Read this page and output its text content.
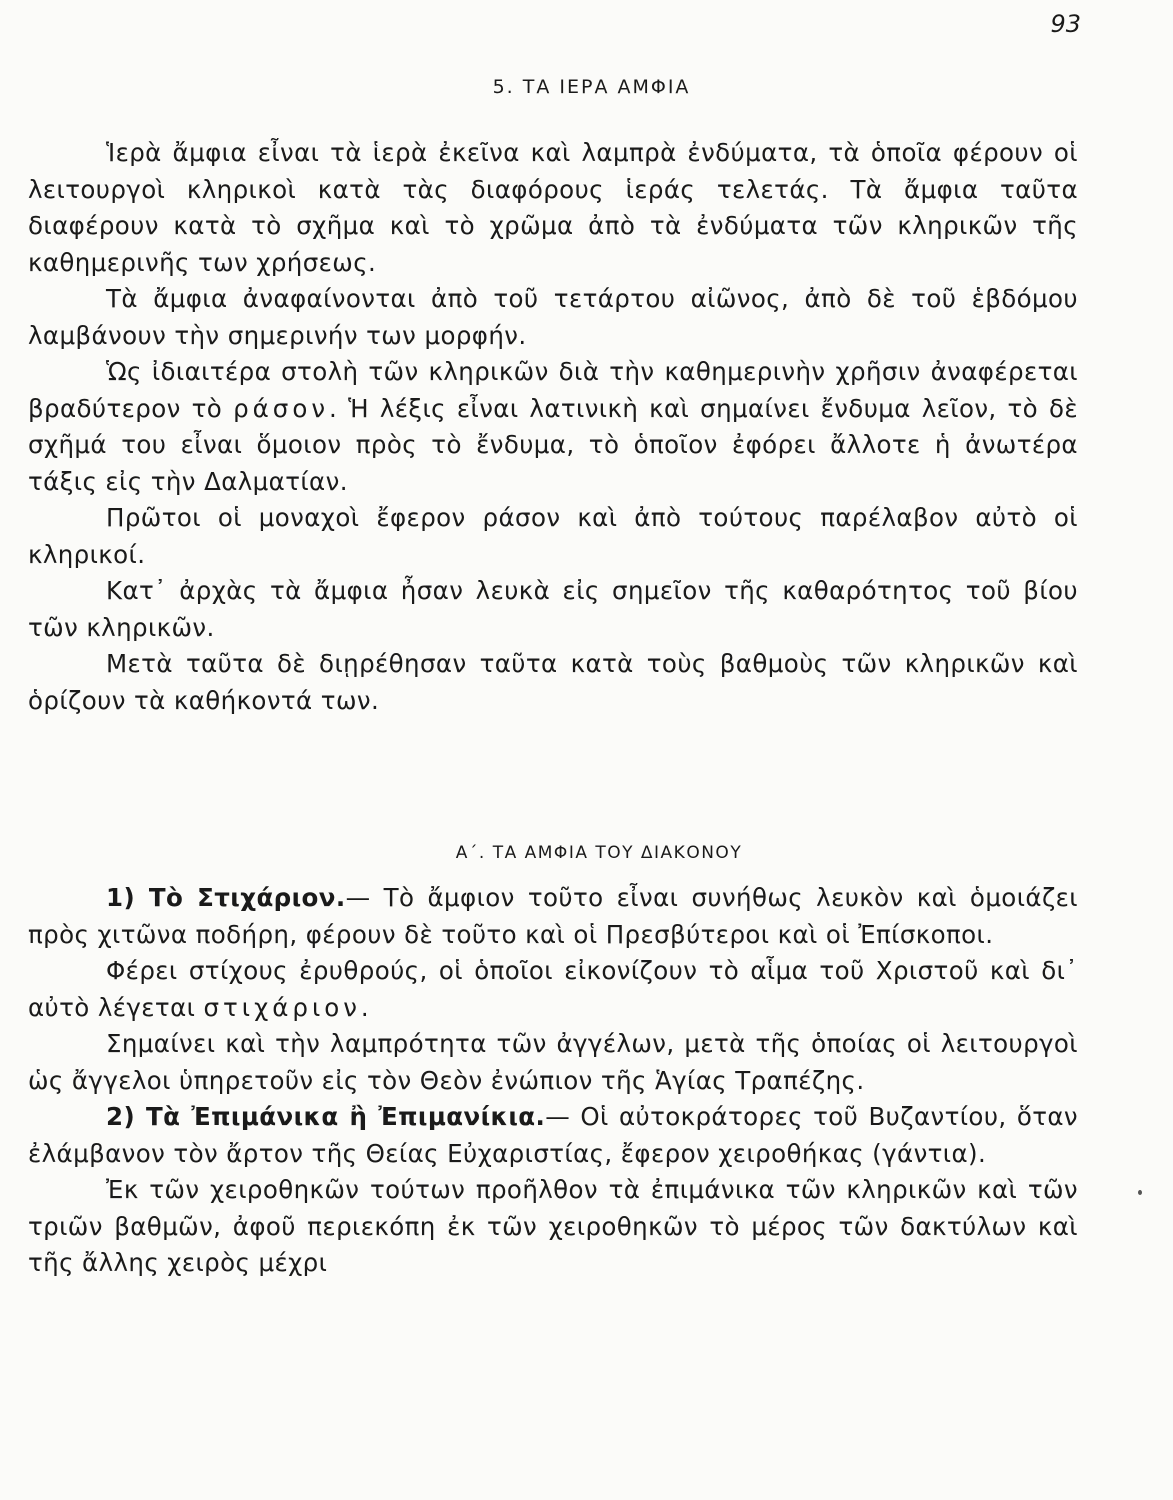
93
5. ΤΑ ΙΕΡΑ ΑΜΦΙΑ

Ἱερὰ ἄμφια εἶναι τὰ ἱερὰ ἐκεῖνα καὶ λαμπρὰ ἐνδύματα, τὰ ὁποῖα φέρουν οἱ λειτουργοὶ κληρικοὶ κατὰ τὰς διαφόρους ἱεράς τελετάς. Τὰ ἄμφια ταῦτα διαφέρουν κατὰ τὸ σχῆμα καὶ τὸ χρῶμα ἀπὸ τὰ ἐνδύματα τῶν κληρικῶν τῆς καθημερινῆς των χρήσεως.

Τὰ ἄμφια ἀναφαίνονται ἀπὸ τοῦ τετάρτου αἰῶνος, ἀπὸ δὲ τοῦ ἑβδόμου λαμβάνουν τὴν σημερινήν των μορφήν.

Ὡς ἰδιαιτέρα στολὴ τῶν κληρικῶν διὰ τὴν καθημερινὴν χρῆσιν ἀναφέρεται βραδύτερον τὸ ράσον. Ἡ λέξις εἶναι λατινικὴ καὶ σημαίνει ἔνδυμα λεῖον, τὸ δὲ σχῆμά του εἶναι ὅμοιον πρὸς τὸ ἔνδυμα, τὸ ὁποῖον ἐφόρει ἄλλοτε ἡ ἀνωτέρα τάξις εἰς τὴν Δαλματίαν.

Πρῶτοι οἱ μοναχοὶ ἔφερον ράσον καὶ ἀπὸ τούτους παρέλαβον αὐτὸ οἱ κληρικοί.

Κατ᾽ ἀρχὰς τὰ ἄμφια ἦσαν λευκὰ εἰς σημεῖον τῆς καθαρότητος τοῦ βίου τῶν κληρικῶν.

Μετὰ ταῦτα δὲ διῃρέθησαν ταῦτα κατὰ τοὺς βαθμοὺς τῶν κληρικῶν καὶ ὁρίζουν τὰ καθήκοντά των.

Α΄. ΤΑ ΑΜΦΙΑ ΤΟΥ ΔΙΑΚΟΝΟΥ

1) Τὸ Στιχάριον.— Τὸ ἄμφιον τοῦτο εἶναι συνήθως λευκὸν καὶ ὁμοιάζει πρὸς χιτῶνα ποδήρη, φέρουν δὲ τοῦτο καὶ οἱ Πρεσβύτεροι καὶ οἱ Ἐπίσκοποι.

Φέρει στίχους ἐρυθρούς, οἱ ὁποῖοι εἰκονίζουν τὸ αἷμα τοῦ Χριστοῦ καὶ δι᾽ αὐτὸ λέγεται στιχάριον.

Σημαίνει καὶ τὴν λαμπρότητα τῶν ἀγγέλων, μετὰ τῆς ὁποίας οἱ λειτουργοὶ ὡς ἄγγελοι ὑπηρετοῦν εἰς τὸν Θεὸν ἐνώπιον τῆς Ἁγίας Τραπέζης.

2) Τὰ Ἐπιμάνικα ἢ Ἐπιμανίκια.— Οἱ αὐτοκράτορες τοῦ Βυζαντίου, ὅταν ἐλάμβανον τὸν ἄρτον τῆς Θείας Εὐχαριστίας, ἔφερον χειροθήκας (γάντια).

Ἐκ τῶν χειροθηκῶν τούτων προῆλθον τὰ ἐπιμάνικα τῶν κληρικῶν καὶ τῶν τριῶν βαθμῶν, ἀφοῦ περιεκόπη ἐκ τῶν χειροθηκῶν τὸ μέρος τῶν δακτύλων καὶ τῆς ἄλλης χειρὸς μέχρι
